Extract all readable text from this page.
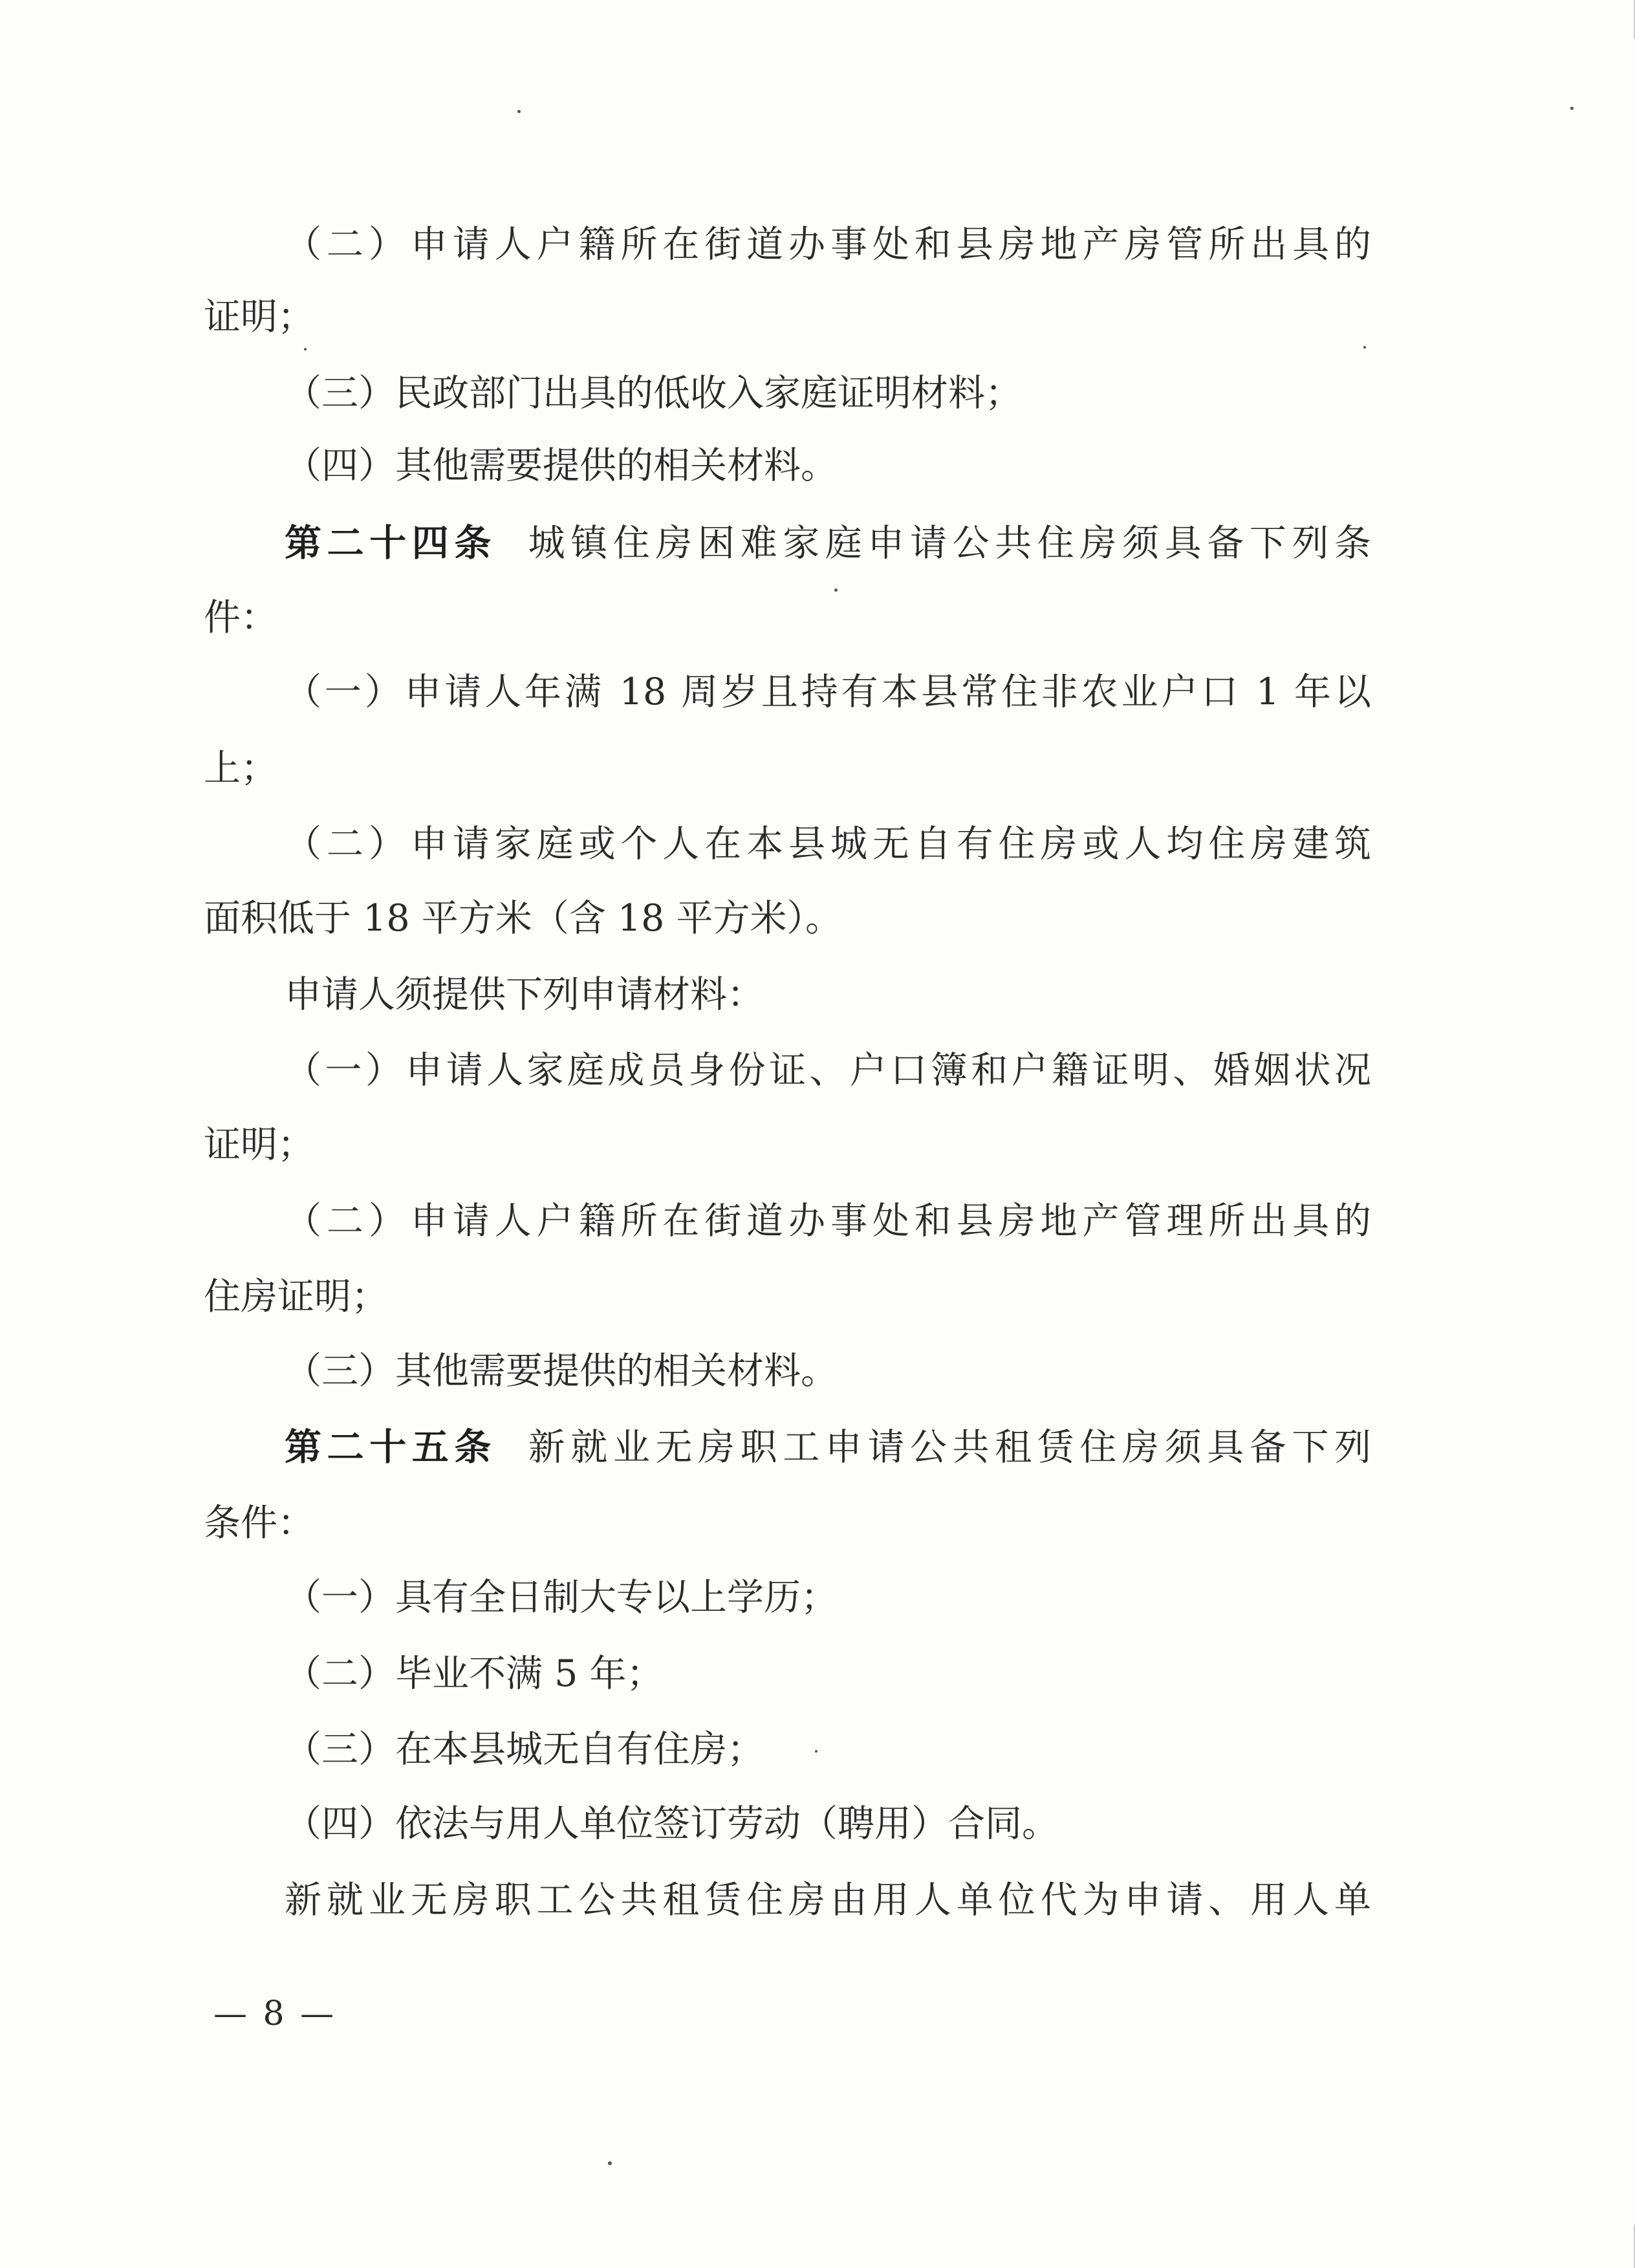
（二）申请人户籍所在街道办事处和县房地产房管所出具的
证明；
（三）民政部门出具的低收入家庭证明材料；
（四）其他需要提供的相关材料。
第二十四条 城镇住房困难家庭申请公共住房须具备下列条
件：
（一）申请人年满 18 周岁且持有本县常住非农业户口 1 年以
上；
（二）申请家庭或个人在本县城无自有住房或人均住房建筑
面积低于 18 平方米（含 18 平方米）。
申请人须提供下列申请材料：
（一）申请人家庭成员身份证、户口簿和户籍证明、婚姻状况
证明；
（二）申请人户籍所在街道办事处和县房地产管理所出具的
住房证明；
（三）其他需要提供的相关材料。
第二十五条 新就业无房职工申请公共租赁住房须具备下列
条件：
（一）具有全日制大专以上学历；
（二）毕业不满 5 年；
（三）在本县城无自有住房；
（四）依法与用人单位签订劳动（聘用）合同。
新就业无房职工公共租赁住房由用人单位代为申请、用人单
— 8 —
